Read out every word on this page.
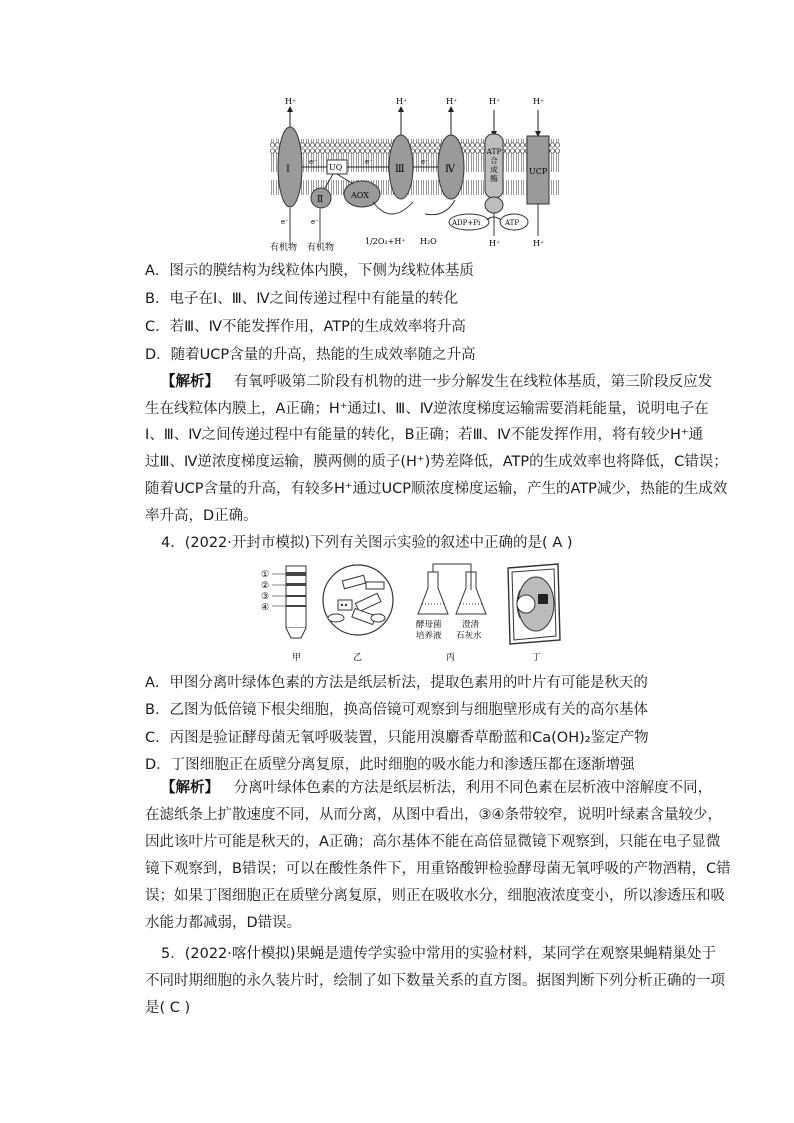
H⁺	H⁺	H⁺	H⁺	H⁺
Ⅰ	UQ
Ⅱ	AOX
Ⅲ	Ⅳ
ATP 合成酶
UCP
e⁻	e⁻	e⁻
e⁻	e⁻
H⁺	H⁺
ADP+Pi	ATP
有机物 有机物
1/2O₂+H⁺ H₂O
A．图示的膜结构为线粒体内膜，下侧为线粒体基质
B．电子在Ⅰ、Ⅲ、Ⅳ之间传递过程中有能量的转化
C．若Ⅲ、Ⅳ不能发挥作用，ATP的生成效率将升高
D．随着UCP含量的升高，热能的生成效率随之升高
【解析】 有氧呼吸第二阶段有机物的进一步分解发生在线粒体基质，第三阶段反应发
生在线粒体内膜上，A正确；H⁺通过Ⅰ、Ⅲ、Ⅳ逆浓度梯度运输需要消耗能量，说明电子在
Ⅰ、Ⅲ、Ⅳ之间传递过程中有能量的转化，B正确；若Ⅲ、Ⅳ不能发挥作用，将有较少H⁺通
过Ⅲ、Ⅳ逆浓度梯度运输，膜两侧的质子(H⁺)势差降低，ATP的生成效率也将降低，C错误；
随着UCP含量的升高，有较多H⁺通过UCP顺浓度梯度运输，产生的ATP减少，热能的生成效
率升高，D正确。
4．(2022·开封市模拟)下列有关图示实验的叙述中正确的是( A )
①
②
③
④
酵母菌
培养液
澄清
石灰水
甲	乙	丙	丁
A．甲图分离叶绿体色素的方法是纸层析法，提取色素用的叶片有可能是秋天的
B．乙图为低倍镜下根尖细胞，换高倍镜可观察到与细胞壁形成有关的高尔基体
C．丙图是验证酵母菌无氧呼吸装置，只能用溴麝香草酚蓝和Ca(OH)₂鉴定产物
D．丁图细胞正在质壁分离复原，此时细胞的吸水能力和渗透压都在逐渐增强
【解析】 分离叶绿体色素的方法是纸层析法，利用不同色素在层析液中溶解度不同，
在滤纸条上扩散速度不同，从而分离，从图中看出，③④条带较窄，说明叶绿素含量较少，
因此该叶片可能是秋天的，A正确；高尔基体不能在高倍显微镜下观察到，只能在电子显微
镜下观察到，B错误；可以在酸性条件下，用重铬酸钾检验酵母菌无氧呼吸的产物酒精，C错
误；如果丁图细胞正在质壁分离复原，则正在吸收水分，细胞液浓度变小，所以渗透压和吸
水能力都减弱，D错误。
5．(2022·喀什模拟)果蝇是遗传学实验中常用的实验材料，某同学在观察果蝇精巢处于
不同时期细胞的永久装片时，绘制了如下数量关系的直方图。据图判断下列分析正确的一项
是( C )
